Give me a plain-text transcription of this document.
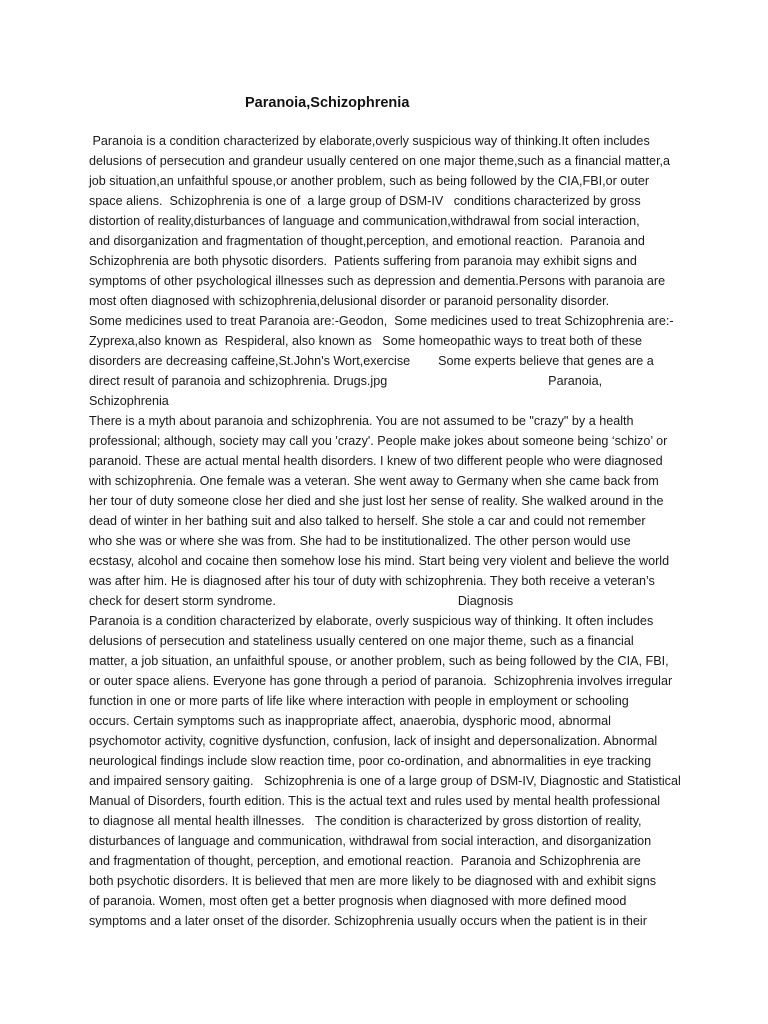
Paranoia,Schizophrenia
Paranoia is a condition characterized by elaborate,overly suspicious way of thinking.It often includes
delusions of persecution and grandeur usually centered on one major theme,such as a financial matter,a
job situation,an unfaithful spouse,or another problem, such as being followed by the CIA,FBI,or outer
space aliens.  Schizophrenia is one of  a large group of DSM-IV   conditions characterized by gross
distortion of reality,disturbances of language and communication,withdrawal from social interaction,
and disorganization and fragmentation of thought,perception, and emotional reaction.  Paranoia and
Schizophrenia are both physotic disorders.  Patients suffering from paranoia may exhibit signs and
symptoms of other psychological illnesses such as depression and dementia.Persons with paranoia are
most often diagnosed with schizophrenia,delusional disorder or paranoid personality disorder.
Some medicines used to treat Paranoia are:-Geodon,  Some medicines used to treat Schizophrenia are:-
Zyprexa,also known as  Respideral, also known as   Some homeopathic ways to treat both of these
disorders are decreasing caffeine,St.John's Wort,exercise        Some experts believe that genes are a
direct result of paranoia and schizophrenia. Drugs.jpg                                              Paranoia,
Schizophrenia
There is a myth about paranoia and schizophrenia. You are not assumed to be "crazy" by a health
professional; although, society may call you 'crazy'. People make jokes about someone being ‘schizo’ or
paranoid. These are actual mental health disorders. I knew of two different people who were diagnosed
with schizophrenia. One female was a veteran. She went away to Germany when she came back from
her tour of duty someone close her died and she just lost her sense of reality. She walked around in the
dead of winter in her bathing suit and also talked to herself. She stole a car and could not remember
who she was or where she was from. She had to be institutionalized. The other person would use
ecstasy, alcohol and cocaine then somehow lose his mind. Start being very violent and believe the world
was after him. He is diagnosed after his tour of duty with schizophrenia. They both receive a veteran’s
check for desert storm syndrome.                                                    Diagnosis
Paranoia is a condition characterized by elaborate, overly suspicious way of thinking. It often includes
delusions of persecution and stateliness usually centered on one major theme, such as a financial
matter, a job situation, an unfaithful spouse, or another problem, such as being followed by the CIA, FBI,
or outer space aliens. Everyone has gone through a period of paranoia.  Schizophrenia involves irregular
function in one or more parts of life like where interaction with people in employment or schooling
occurs. Certain symptoms such as inappropriate affect, anaerobia, dysphoric mood, abnormal
psychomotor activity, cognitive dysfunction, confusion, lack of insight and depersonalization. Abnormal
neurological findings include slow reaction time, poor co-ordination, and abnormalities in eye tracking
and impaired sensory gaiting.   Schizophrenia is one of a large group of DSM-IV, Diagnostic and Statistical
Manual of Disorders, fourth edition. This is the actual text and rules used by mental health professional
to diagnose all mental health illnesses.   The condition is characterized by gross distortion of reality,
disturbances of language and communication, withdrawal from social interaction, and disorganization
and fragmentation of thought, perception, and emotional reaction.  Paranoia and Schizophrenia are
both psychotic disorders. It is believed that men are more likely to be diagnosed with and exhibit signs
of paranoia. Women, most often get a better prognosis when diagnosed with more defined mood
symptoms and a later onset of the disorder. Schizophrenia usually occurs when the patient is in their
